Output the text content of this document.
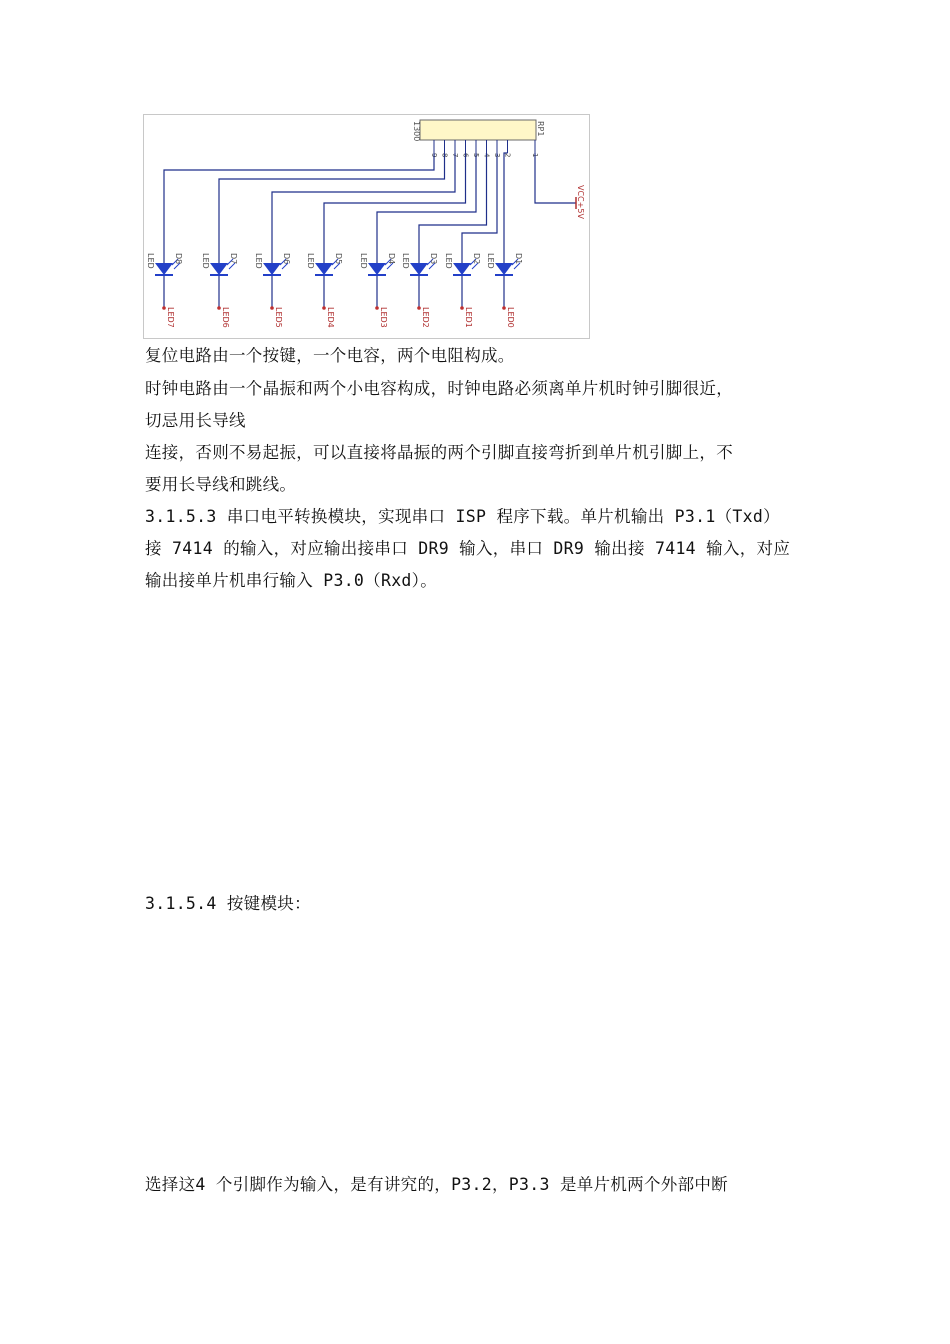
RP1
1300
9 8 7 6 5 4 3 2	1
LED D8
LED7
LED D7
LED6
LED D6
LED5
LED D5
LED4
LED D4
LED3
LED D3
LED2
LED D2
LED1
LED D1
LED0
VCC+5V

复位电路由一个按键，一个电容，两个电阻构成。

时钟电路由一个晶振和两个小电容构成，时钟电路必须离单片机时钟引脚很近，

切忌用长导线

连接，否则不易起振，可以直接将晶振的两个引脚直接弯折到单片机引脚上，不

要用长导线和跳线。

3.1.5.3 串口电平转换模块，实现串口 ISP 程序下载。单片机输出 P3.1（Txd）

接 7414 的输入，对应输出接串口 DR9 输入，串口 DR9 输出接 7414 输入，对应

输出接单片机串行输入 P3.0（Rxd）。

3.1.5.4 按键模块：

选择这4 个引脚作为输入，是有讲究的，P3.2，P3.3 是单片机两个外部中断
